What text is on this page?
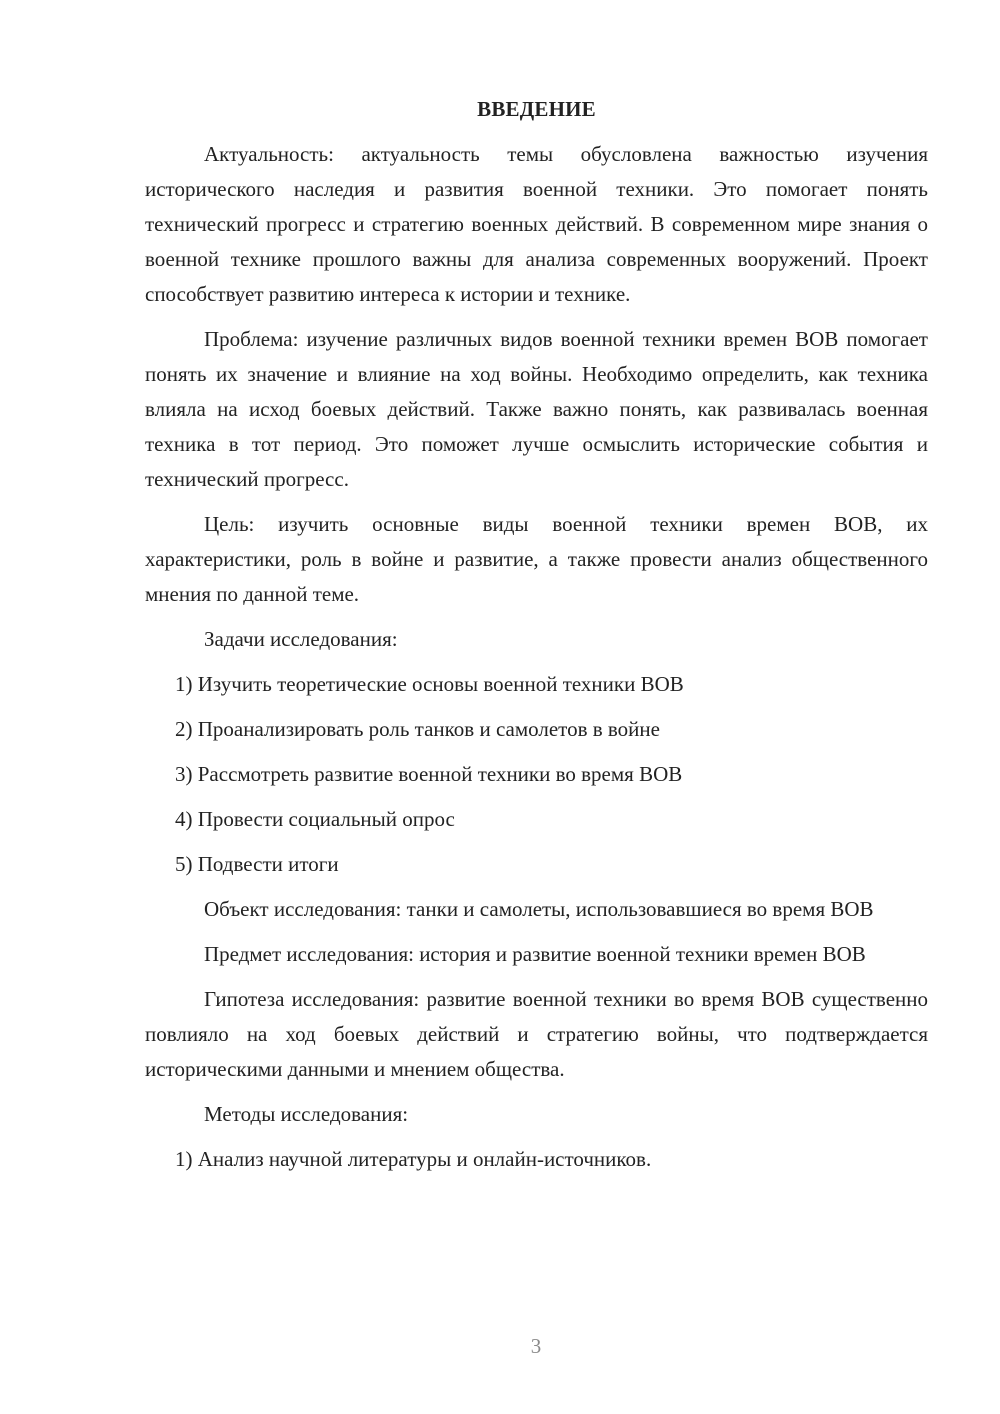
ВВЕДЕНИЕ

Актуальность: актуальность темы обусловлена важностью изучения исторического наследия и развития военной техники. Это помогает понять технический прогресс и стратегию военных действий. В современном мире знания о военной технике прошлого важны для анализа современных вооружений. Проект способствует развитию интереса к истории и технике.

Проблема: изучение различных видов военной техники времен ВОВ помогает понять их значение и влияние на ход войны. Необходимо определить, как техника влияла на исход боевых действий. Также важно понять, как развивалась военная техника в тот период. Это поможет лучше осмыслить исторические события и технический прогресс.

Цель: изучить основные виды военной техники времен ВОВ, их характеристики, роль в войне и развитие, а также провести анализ общественного мнения по данной теме.

Задачи исследования:

1) Изучить теоретические основы военной техники ВОВ
2) Проанализировать роль танков и самолетов в войне
3) Рассмотреть развитие военной техники во время ВОВ
4) Провести социальный опрос
5) Подвести итоги

Объект исследования: танки и самолеты, использовавшиеся во время ВОВ

Предмет исследования: история и развитие военной техники времен ВОВ

Гипотеза исследования: развитие военной техники во время ВОВ существенно повлияло на ход боевых действий и стратегию войны, что подтверждается историческими данными и мнением общества.

Методы исследования:

1) Анализ научной литературы и онлайн-источников.
3
